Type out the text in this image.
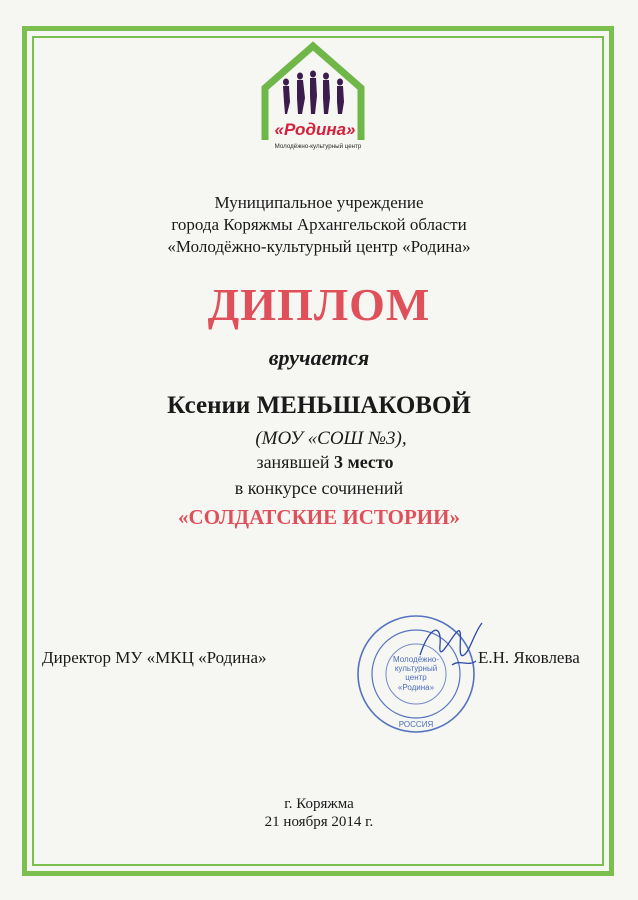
«Родина»
Молодёжно-культурный центр
Муниципальное учреждение
города Коряжмы Архангельской области
«Молодёжно-культурный центр «Родина»
ДИПЛОМ
вручается
Ксении МЕНЬШАКОВОЙ
(МОУ «СОШ №3),
занявшей 3 место
в конкурсе сочинений
«СОЛДАТСКИЕ ИСТОРИИ»
Директор МУ «МКЦ «Родина»	Молодёжно-
культурный
центр
«Родина»
РОССИЯ
Е.Н. Яковлева
г. Коряжма
21 ноября 2014 г.
